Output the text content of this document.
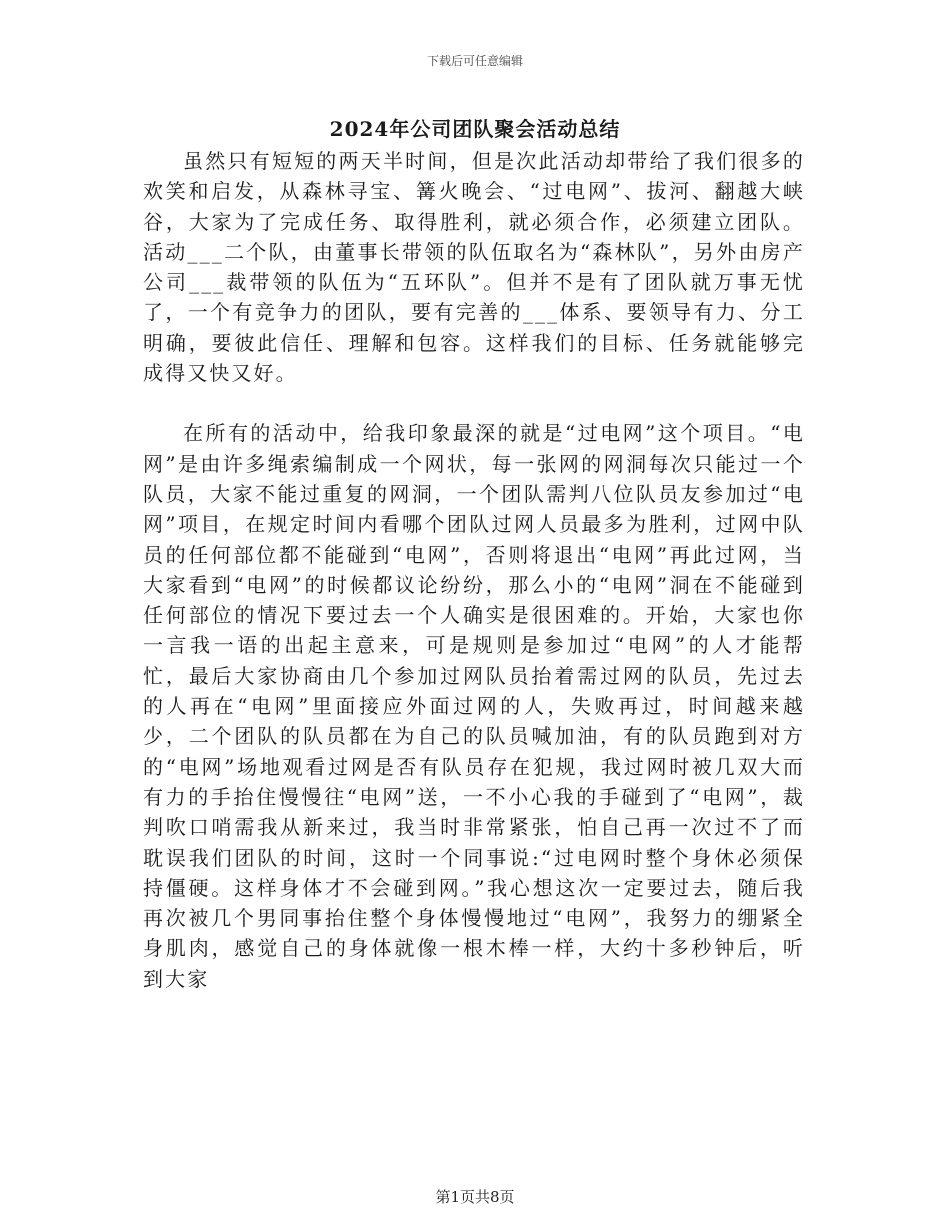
下载后可任意编辑
2024年公司团队聚会活动总结

虽然只有短短的两天半时间，但是次此活动却带给了我们很多的欢笑和启发，从森林寻宝、篝火晚会、“过电网”、拔河、翻越大峡谷，大家为了完成任务、取得胜利，就必须合作，必须建立团队。活动___二个队，由董事长带领的队伍取名为“森林队”，另外由房产公司___裁带领的队伍为“五环队”。但并不是有了团队就万事无忧了，一个有竞争力的团队，要有完善的___体系、要领导有力、分工明确，要彼此信任、理解和包容。这样我们的目标、任务就能够完成得又快又好。

在所有的活动中，给我印象最深的就是“过电网”这个项目。“电网”是由许多绳索编制成一个网状，每一张网的网洞每次只能过一个队员，大家不能过重复的网洞，一个团队需判八位队员友参加过“电网”项目，在规定时间内看哪个团队过网人员最多为胜利，过网中队员的任何部位都不能碰到“电网”，否则将退出“电网”再此过网，当大家看到“电网”的时候都议论纷纷，那么小的“电网”洞在不能碰到任何部位的情况下要过去一个人确实是很困难的。开始，大家也你一言我一语的出起主意来，可是规则是参加过“电网”的人才能帮忙，最后大家协商由几个参加过网队员抬着需过网的队员，先过去的人再在“电网”里面接应外面过网的人，失败再过，时间越来越少，二个团队的队员都在为自己的队员喊加油，有的队员跑到对方的“电网”场地观看过网是否有队员存在犯规，我过网时被几双大而有力的手抬住慢慢往“电网”送，一不小心我的手碰到了“电网”，裁判吹口哨需我从新来过，我当时非常紧张，怕自己再一次过不了而耽误我们团队的时间，这时一个同事说:“过电网时整个身休必须保持僵硬。这样身体才不会碰到网。”我心想这次一定要过去，随后我再次被几个男同事抬住整个身体慢慢地过“电网”，我努力的绷紧全身肌肉，感觉自己的身体就像一根木棒一样，大约十多秒钟后，听到大家

第1页共8页
